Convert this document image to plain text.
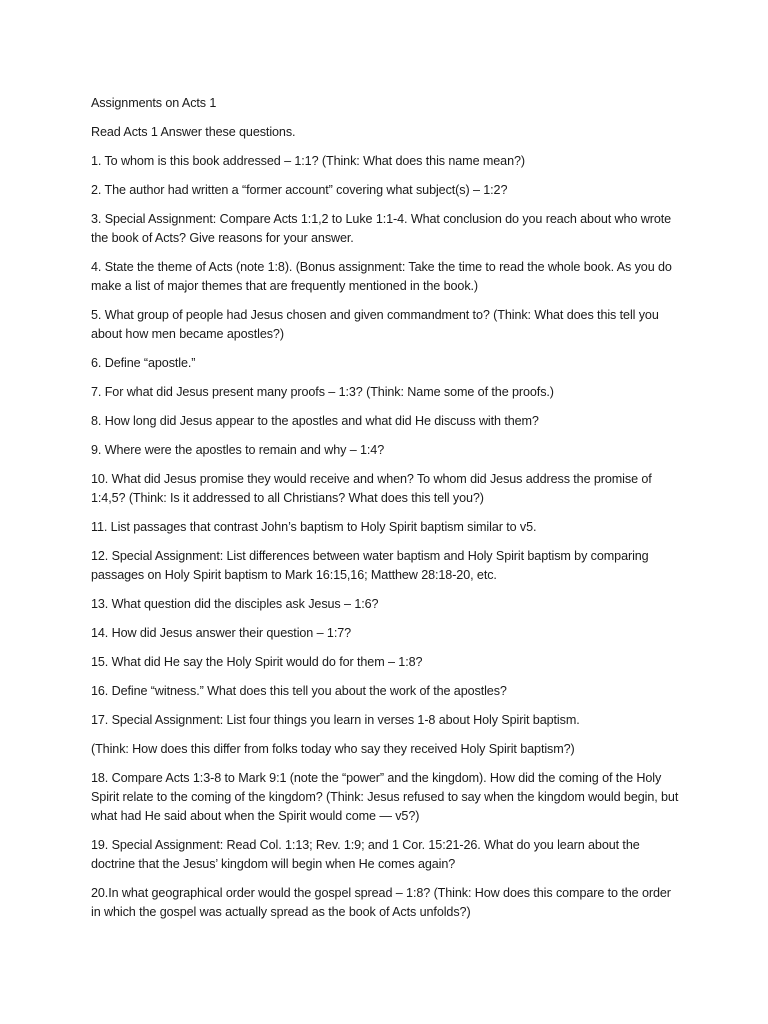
Assignments on Acts 1

Read Acts 1 Answer these questions.

1. To whom is this book addressed – 1:1? (Think: What does this name mean?)

2. The author had written a “former account” covering what subject(s) – 1:2?

3. Special Assignment: Compare Acts 1:1,2 to Luke 1:1-4. What conclusion do you reach about who wrote the book of Acts? Give reasons for your answer.

4. State the theme of Acts (note 1:8). (Bonus assignment: Take the time to read the whole book. As you do make a list of major themes that are frequently mentioned in the book.)

5. What group of people had Jesus chosen and given commandment to? (Think: What does this tell you about how men became apostles?)

6. Define “apostle.”

7. For what did Jesus present many proofs – 1:3? (Think: Name some of the proofs.)

8. How long did Jesus appear to the apostles and what did He discuss with them?

9. Where were the apostles to remain and why – 1:4?

10. What did Jesus promise they would receive and when? To whom did Jesus address the promise of 1:4,5? (Think: Is it addressed to all Christians? What does this tell you?)

11. List passages that contrast John’s baptism to Holy Spirit baptism similar to v5.

12. Special Assignment: List differences between water baptism and Holy Spirit baptism by comparing passages on Holy Spirit baptism to Mark 16:15,16; Matthew 28:18-20, etc.

13. What question did the disciples ask Jesus – 1:6?

14. How did Jesus answer their question – 1:7?

15. What did He say the Holy Spirit would do for them – 1:8?

16. Define “witness.” What does this tell you about the work of the apostles?

17. Special Assignment: List four things you learn in verses 1-8 about Holy Spirit baptism.

(Think: How does this differ from folks today who say they received Holy Spirit baptism?)

18. Compare Acts 1:3-8 to Mark 9:1 (note the “power” and the kingdom). How did the coming of the Holy Spirit relate to the coming of the kingdom? (Think: Jesus refused to say when the kingdom would begin, but what had He said about when the Spirit would come — v5?)

19. Special Assignment: Read Col. 1:13; Rev. 1:9; and 1 Cor. 15:21-26. What do you learn about the doctrine that the Jesus’ kingdom will begin when He comes again?

20.In what geographical order would the gospel spread – 1:8? (Think: How does this compare to the order in which the gospel was actually spread as the book of Acts unfolds?)
